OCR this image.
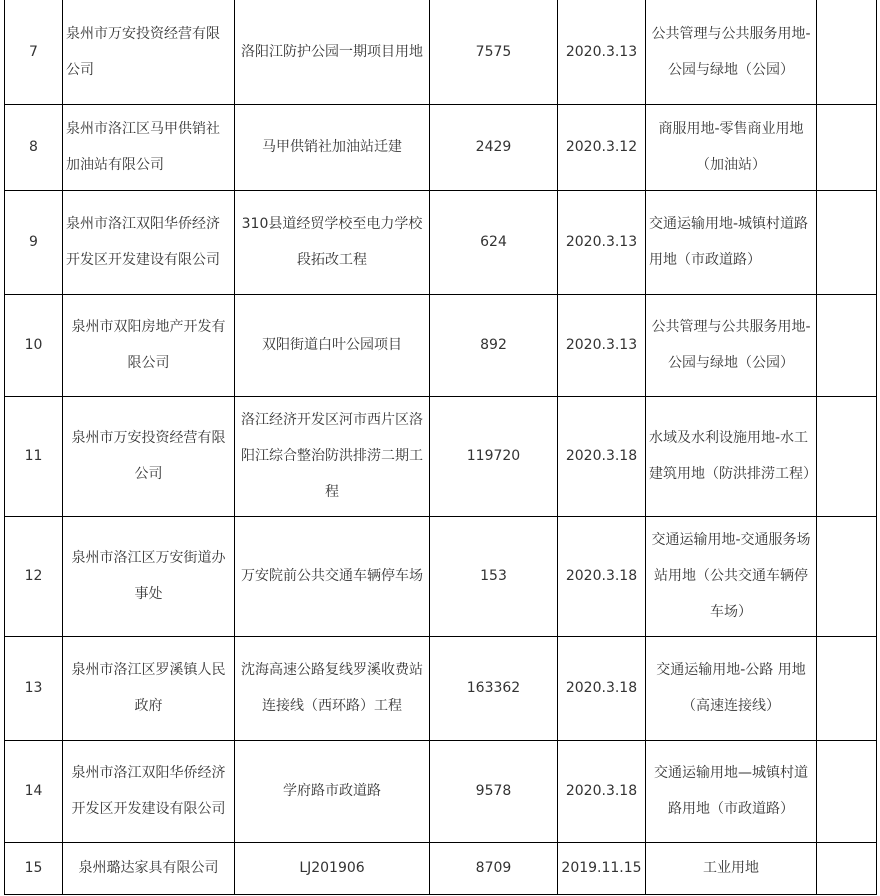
7	泉州市万安投资经营有限公司	洛阳江防护公园一期项目用地	7575	2020.3.13	公共管理与公共服务用地-公园与绿地（公园）	
8	泉州市洛江区马甲供销社加油站有限公司	马甲供销社加油站迁建	2429	2020.3.12	商服用地-零售商业用地（加油站）	
9	泉州市洛江双阳华侨经济开发区开发建设有限公司	310县道经贸学校至电力学校段拓改工程	624	2020.3.13	交通运输用地-城镇村道路用地（市政道路）	
10	泉州市双阳房地产开发有限公司	双阳街道白叶公园项目	892	2020.3.13	公共管理与公共服务用地-公园与绿地（公园）	
11	泉州市万安投资经营有限公司	洛江经济开发区河市西片区洛阳江综合整治防洪排涝二期工程	119720	2020.3.18	水域及水利设施用地-水工建筑用地（防洪排涝工程）	
12	泉州市洛江区万安街道办事处	万安院前公共交通车辆停车场	153	2020.3.18	交通运输用地-交通服务场站用地（公共交通车辆停车场）	
13	泉州市洛江区罗溪镇人民政府	沈海高速公路复线罗溪收费站连接线（西环路）工程	163362	2020.3.18	交通运输用地-公路 用地（高速连接线）	
14	泉州市洛江双阳华侨经济开发区开发建设有限公司	学府路市政道路	9578	2020.3.18	交通运输用地—城镇村道路用地（市政道路）	
15	泉州璐达家具有限公司	LJ201906	8709	2019.11.15	工业用地	
